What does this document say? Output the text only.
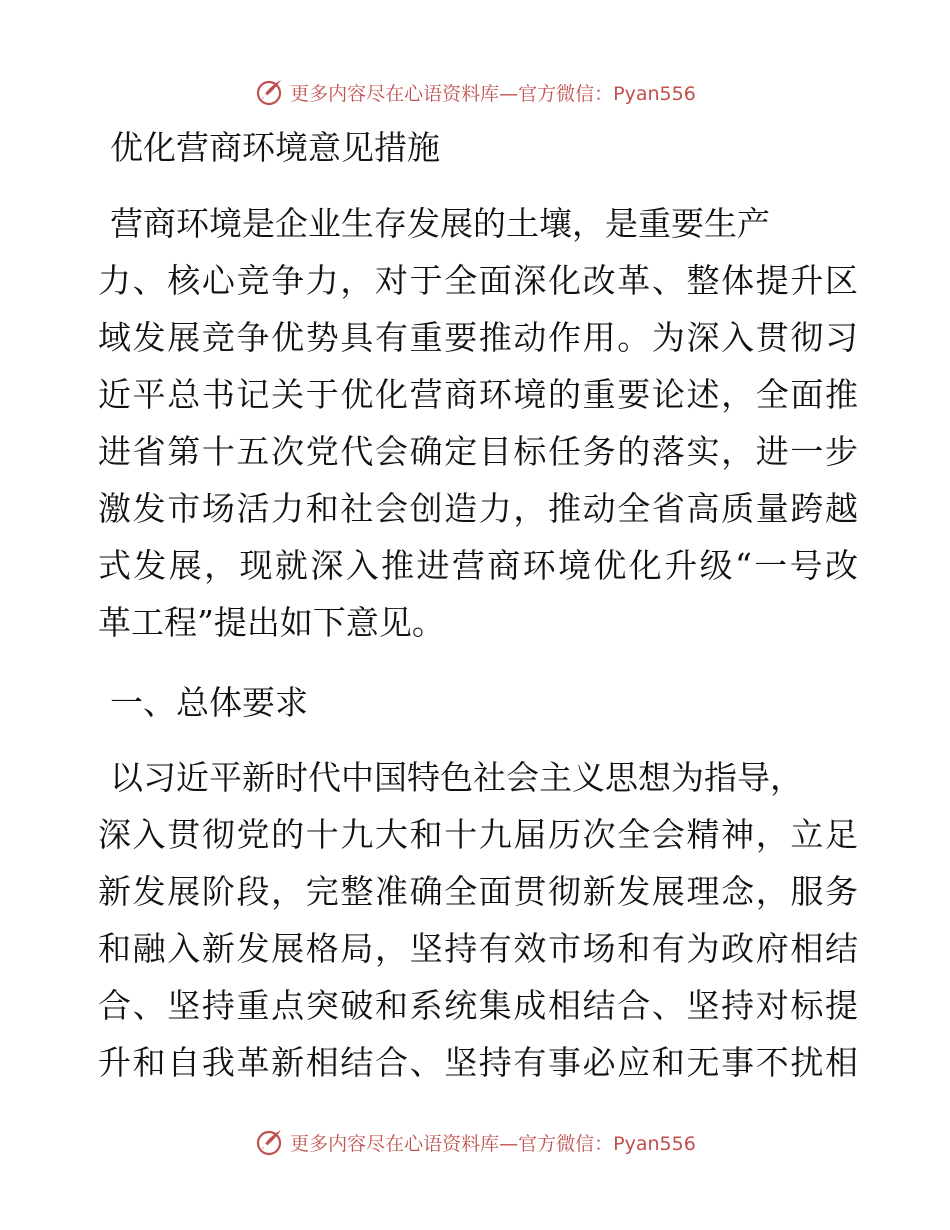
更多内容尽在心语资料库—官方微信：Pyan556
优化营商环境意见措施
营商环境是企业生存发展的土壤，是重要生产
力、核心竞争力，对于全面深化改革、整体提升区
域发展竞争优势具有重要推动作用。为深入贯彻习
近平总书记关于优化营商环境的重要论述，全面推
进省第十五次党代会确定目标任务的落实，进一步
激发市场活力和社会创造力，推动全省高质量跨越
式发展，现就深入推进营商环境优化升级“一号改
革工程”提出如下意见。
一、总体要求
以习近平新时代中国特色社会主义思想为指导，
深入贯彻党的十九大和十九届历次全会精神，立足
新发展阶段，完整准确全面贯彻新发展理念，服务
和融入新发展格局，坚持有效市场和有为政府相结
合、坚持重点突破和系统集成相结合、坚持对标提
升和自我革新相结合、坚持有事必应和无事不扰相
更多内容尽在心语资料库—官方微信：Pyan556
